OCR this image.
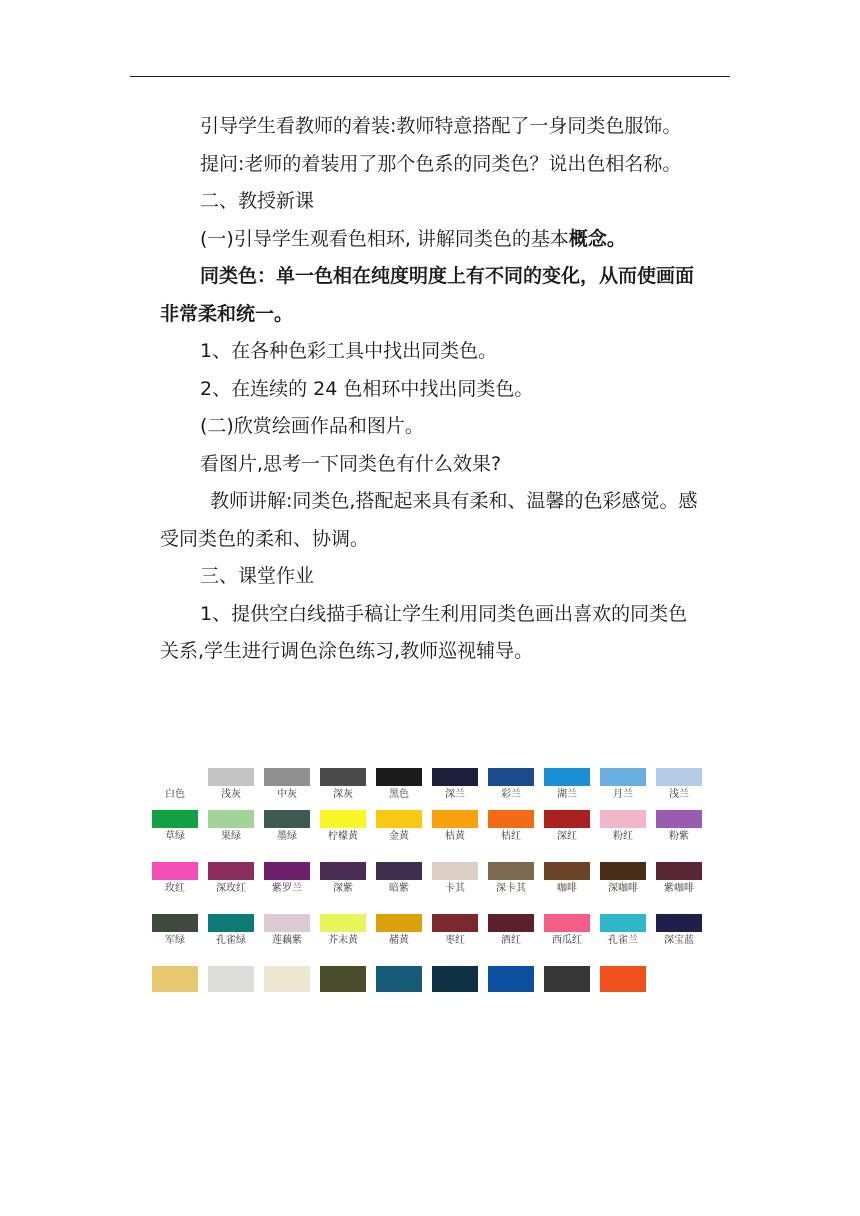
引导学生看教师的着装:教师特意搭配了一身同类色服饰。

提问:老师的着装用了那个色系的同类色？说出色相名称。

二、教授新课

(一)引导学生观看色相环, 讲解同类色的基本概念。

同类色：单一色相在纯度明度上有不同的变化，从而使画面非常柔和统一。

1、在各种色彩工具中找出同类色。

2、在连续的 24 色相环中找出同类色。

(二)欣赏绘画作品和图片。

看图片,思考一下同类色有什么效果?

教师讲解:同类色,搭配起来具有柔和、温馨的色彩感觉。感受同类色的柔和、协调。

三、课堂作业

1、提供空白线描手稿让学生利用同类色画出喜欢的同类色关系,学生进行调色涂色练习,教师巡视辅导。

白色	浅灰	中灰	深灰	黑色	深兰	彩兰	湖兰	月兰	浅兰
草绿	果绿	墨绿	柠檬黄	金黄	桔黄	桔红	深红	粉红	粉紫
玫红	深玫红	紫罗兰	深紫	暗紫	卡其	深卡其	咖啡	深咖啡	紫咖啡
军绿	孔雀绿	莲藕紫	芥末黄	赭黄	枣红	酒红	西瓜红	孔雀兰	深宝蓝
